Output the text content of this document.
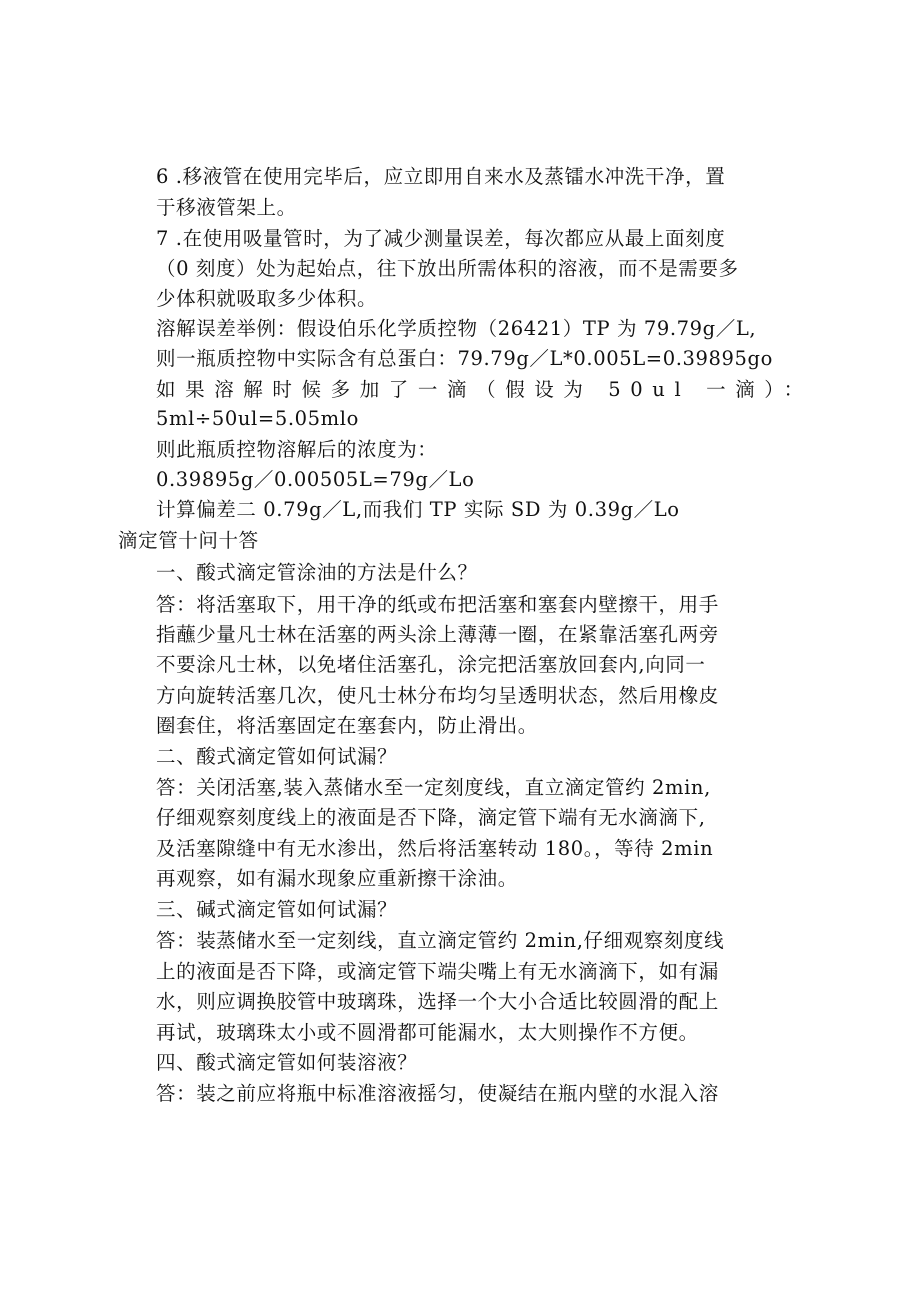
6 .移液管在使用完毕后，应立即用自来水及蒸镭水冲洗干净，置
于移液管架上。
7 .在使用吸量管时，为了减少测量误差，每次都应从最上面刻度
（0 刻度）处为起始点，往下放出所需体积的溶液，而不是需要多
少体积就吸取多少体积。
溶解误差举例：假设伯乐化学质控物（26421）TP 为 79.79g／L,
则一瓶质控物中实际含有总蛋白：79.79g／L*0.005L=0.39895go
如果溶解时候多加了一滴（假设为 50ul 一滴）：
5ml÷50ul=5.05mlo
则此瓶质控物溶解后的浓度为：
0.39895g／0.00505L=79g／Lo
计算偏差二 0.79g／L,而我们 TP 实际 SD 为 0.39g／Lo
滴定管十问十答
一、酸式滴定管涂油的方法是什么？
答：将活塞取下，用干净的纸或布把活塞和塞套内壁擦干，用手
指蘸少量凡士林在活塞的两头涂上薄薄一圈，在紧靠活塞孔两旁
不要涂凡士林，以免堵住活塞孔，涂完把活塞放回套内,向同一
方向旋转活塞几次，使凡士林分布均匀呈透明状态，然后用橡皮
圈套住，将活塞固定在塞套内，防止滑出。
二、酸式滴定管如何试漏？
答：关闭活塞,装入蒸储水至一定刻度线，直立滴定管约 2min,
仔细观察刻度线上的液面是否下降，滴定管下端有无水滴滴下,
及活塞隙缝中有无水渗出，然后将活塞转动 180。，等待 2min
再观察，如有漏水现象应重新擦干涂油。
三、碱式滴定管如何试漏？
答：装蒸储水至一定刻线，直立滴定管约 2min,仔细观察刻度线
上的液面是否下降，或滴定管下端尖嘴上有无水滴滴下，如有漏
水，则应调换胶管中玻璃珠，选择一个大小合适比较圆滑的配上
再试，玻璃珠太小或不圆滑都可能漏水，太大则操作不方便。
四、酸式滴定管如何装溶液？
答：装之前应将瓶中标准溶液摇匀，使凝结在瓶内壁的水混入溶
